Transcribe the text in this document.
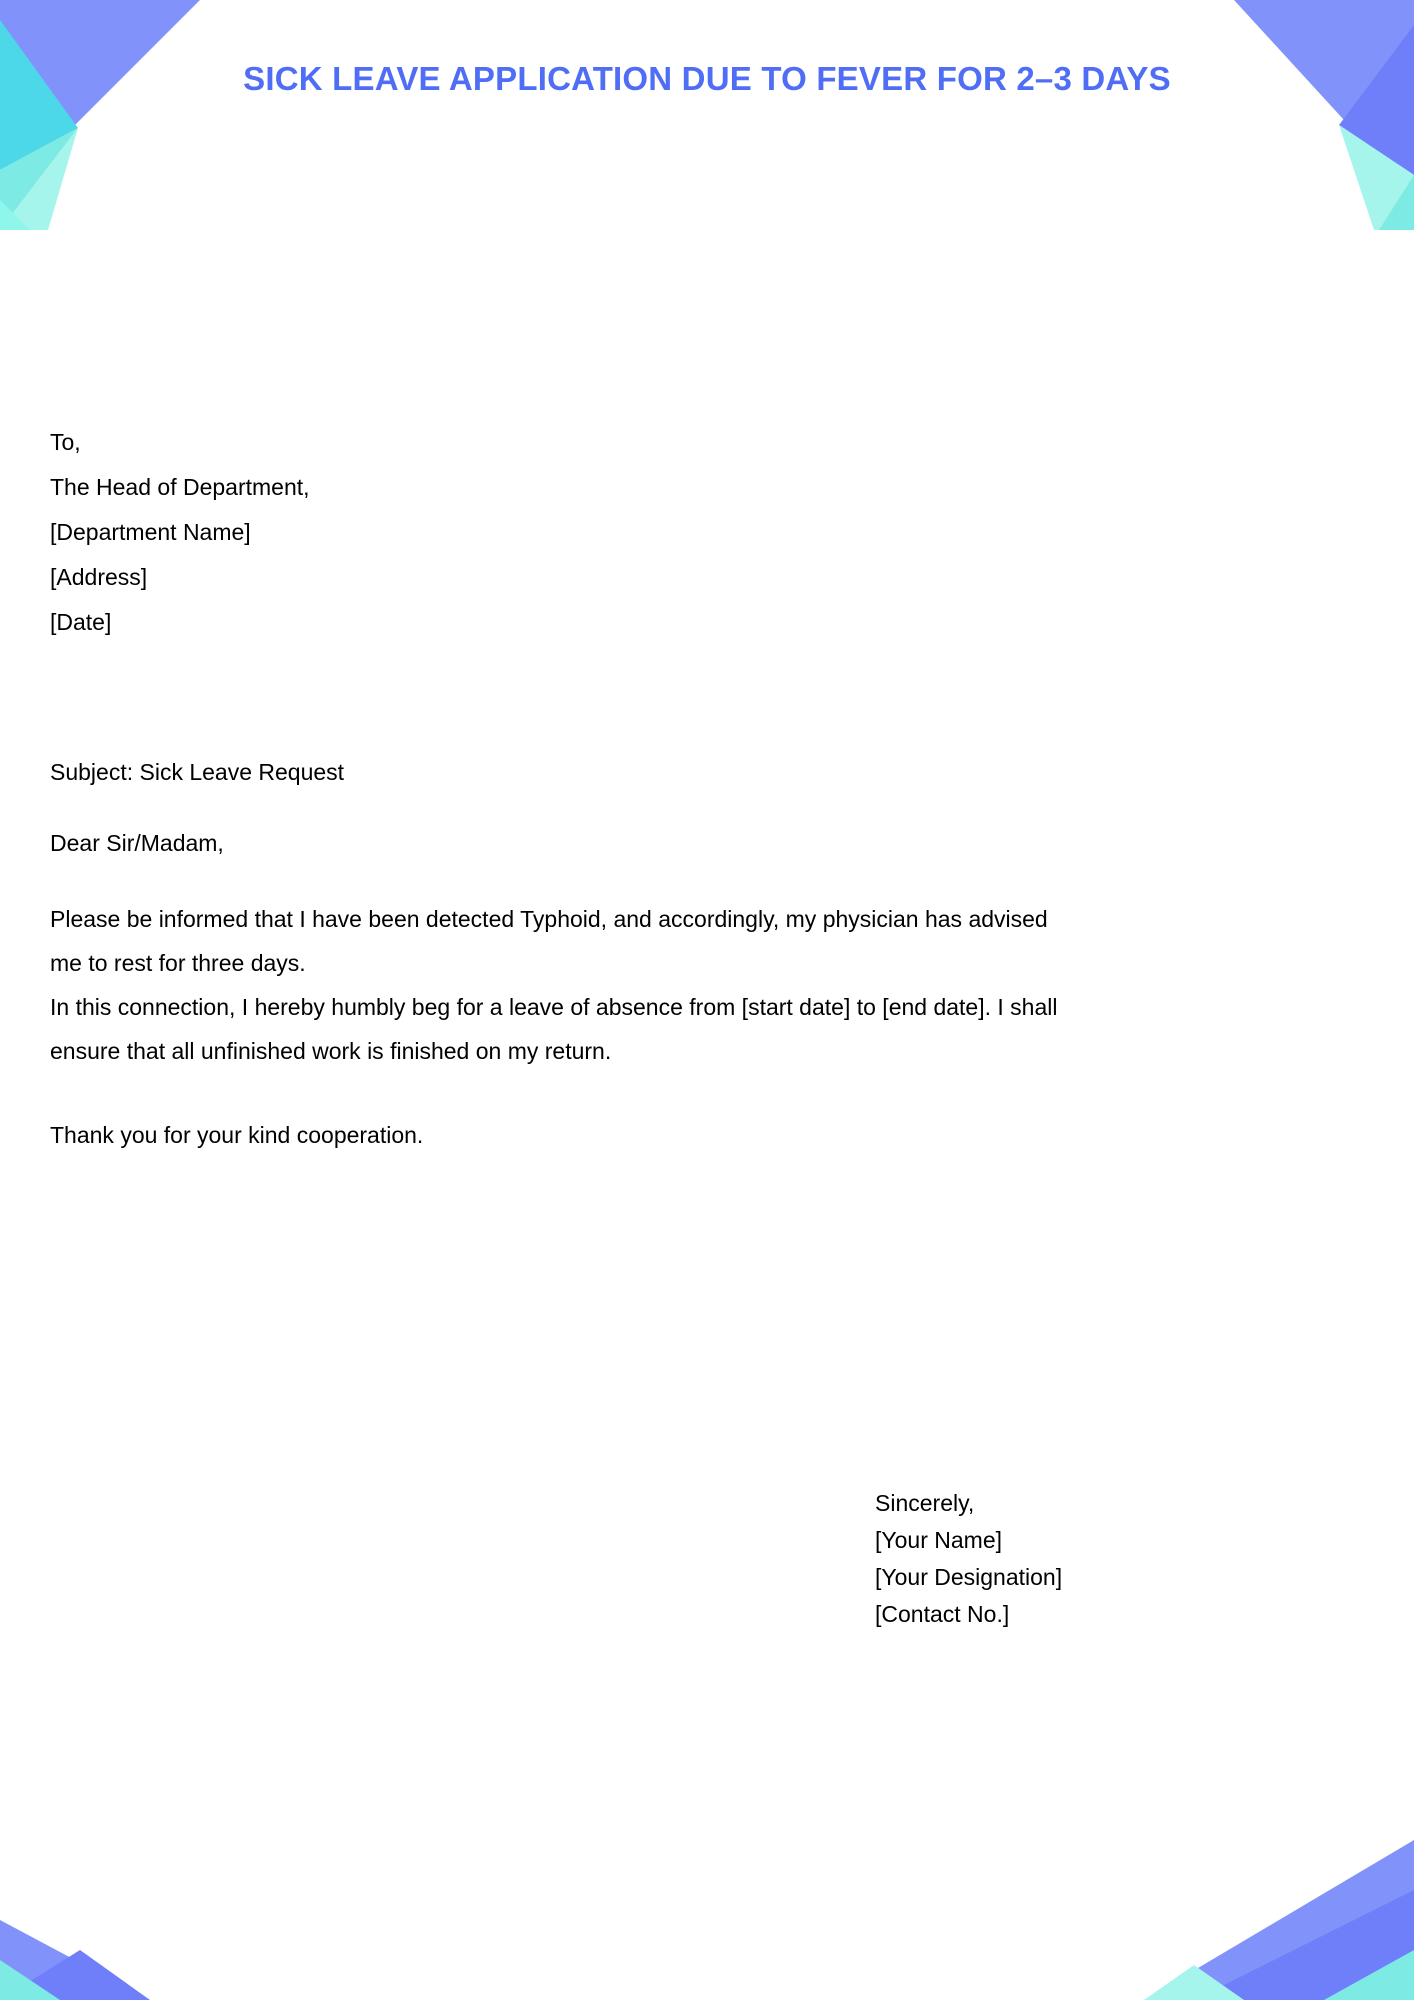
SICK LEAVE APPLICATION DUE TO FEVER FOR 2–3 DAYS
To,
The Head of Department,
[Department Name]
[Address]
[Date]
Subject: Sick Leave Request
Dear Sir/Madam,
Please be informed that I have been detected Typhoid, and accordingly, my physician has advised me to rest for three days.
In this connection, I hereby humbly beg for a leave of absence from [start date] to [end date]. I shall ensure that all unfinished work is finished on my return.
Thank you for your kind cooperation.
Sincerely,
[Your Name]
[Your Designation]
[Contact No.]
